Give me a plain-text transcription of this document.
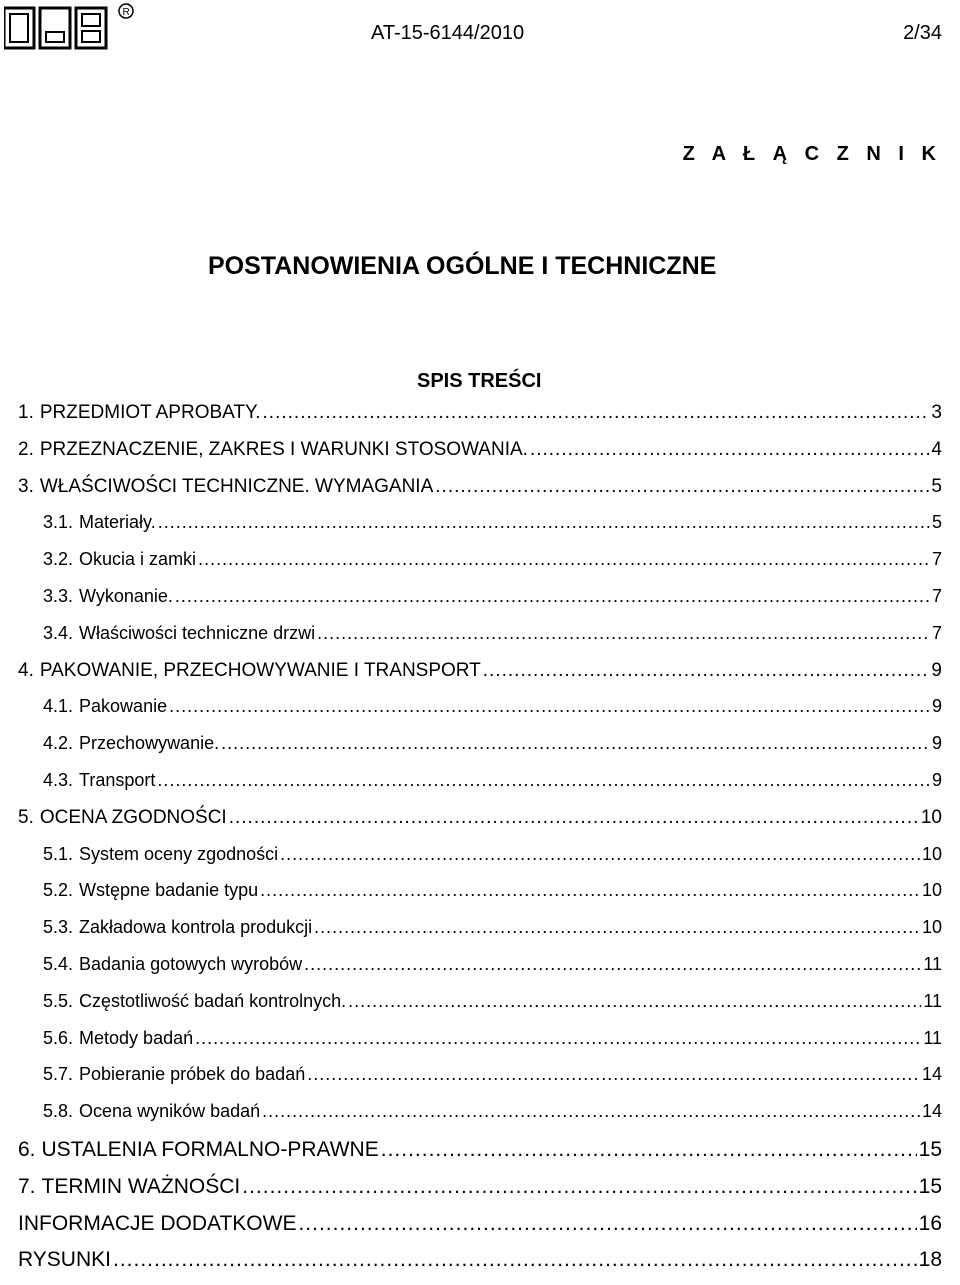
R
AT-15-6144/2010	2/34
Z A Ł Ą C Z N I K
POSTANOWIENIA OGÓLNE I TECHNICZNE
SPIS TREŚCI
1. PRZEDMIOT APROBATY. .....	3
2. PRZEZNACZENIE, ZAKRES I WARUNKI STOSOWANIA. .....	4
3. WŁAŚCIWOŚCI TECHNICZNE. WYMAGANIA .....	5
3.1. Materiały. .....	5
3.2. Okucia i zamki .....	7
3.3. Wykonanie. .....	7
3.4. Właściwości techniczne drzwi .....	7
4. PAKOWANIE, PRZECHOWYWANIE I TRANSPORT .....	9
4.1. Pakowanie .....	9
4.2. Przechowywanie. .....	9
4.3. Transport .....	9
5. OCENA ZGODNOŚCI .....	10
5.1. System oceny zgodności .....	10
5.2. Wstępne badanie typu .....	10
5.3. Zakładowa kontrola produkcji .....	10
5.4. Badania gotowych wyrobów .....	11
5.5. Częstotliwość badań kontrolnych. .....	11
5.6. Metody badań .....	11
5.7. Pobieranie próbek do badań .....	14
5.8. Ocena wyników badań .....	14
6. USTALENIA FORMALNO-PRAWNE .....	15
7. TERMIN WAŻNOŚCI .....	15
INFORMACJE DODATKOWE .....	16
RYSUNKI .....	18
